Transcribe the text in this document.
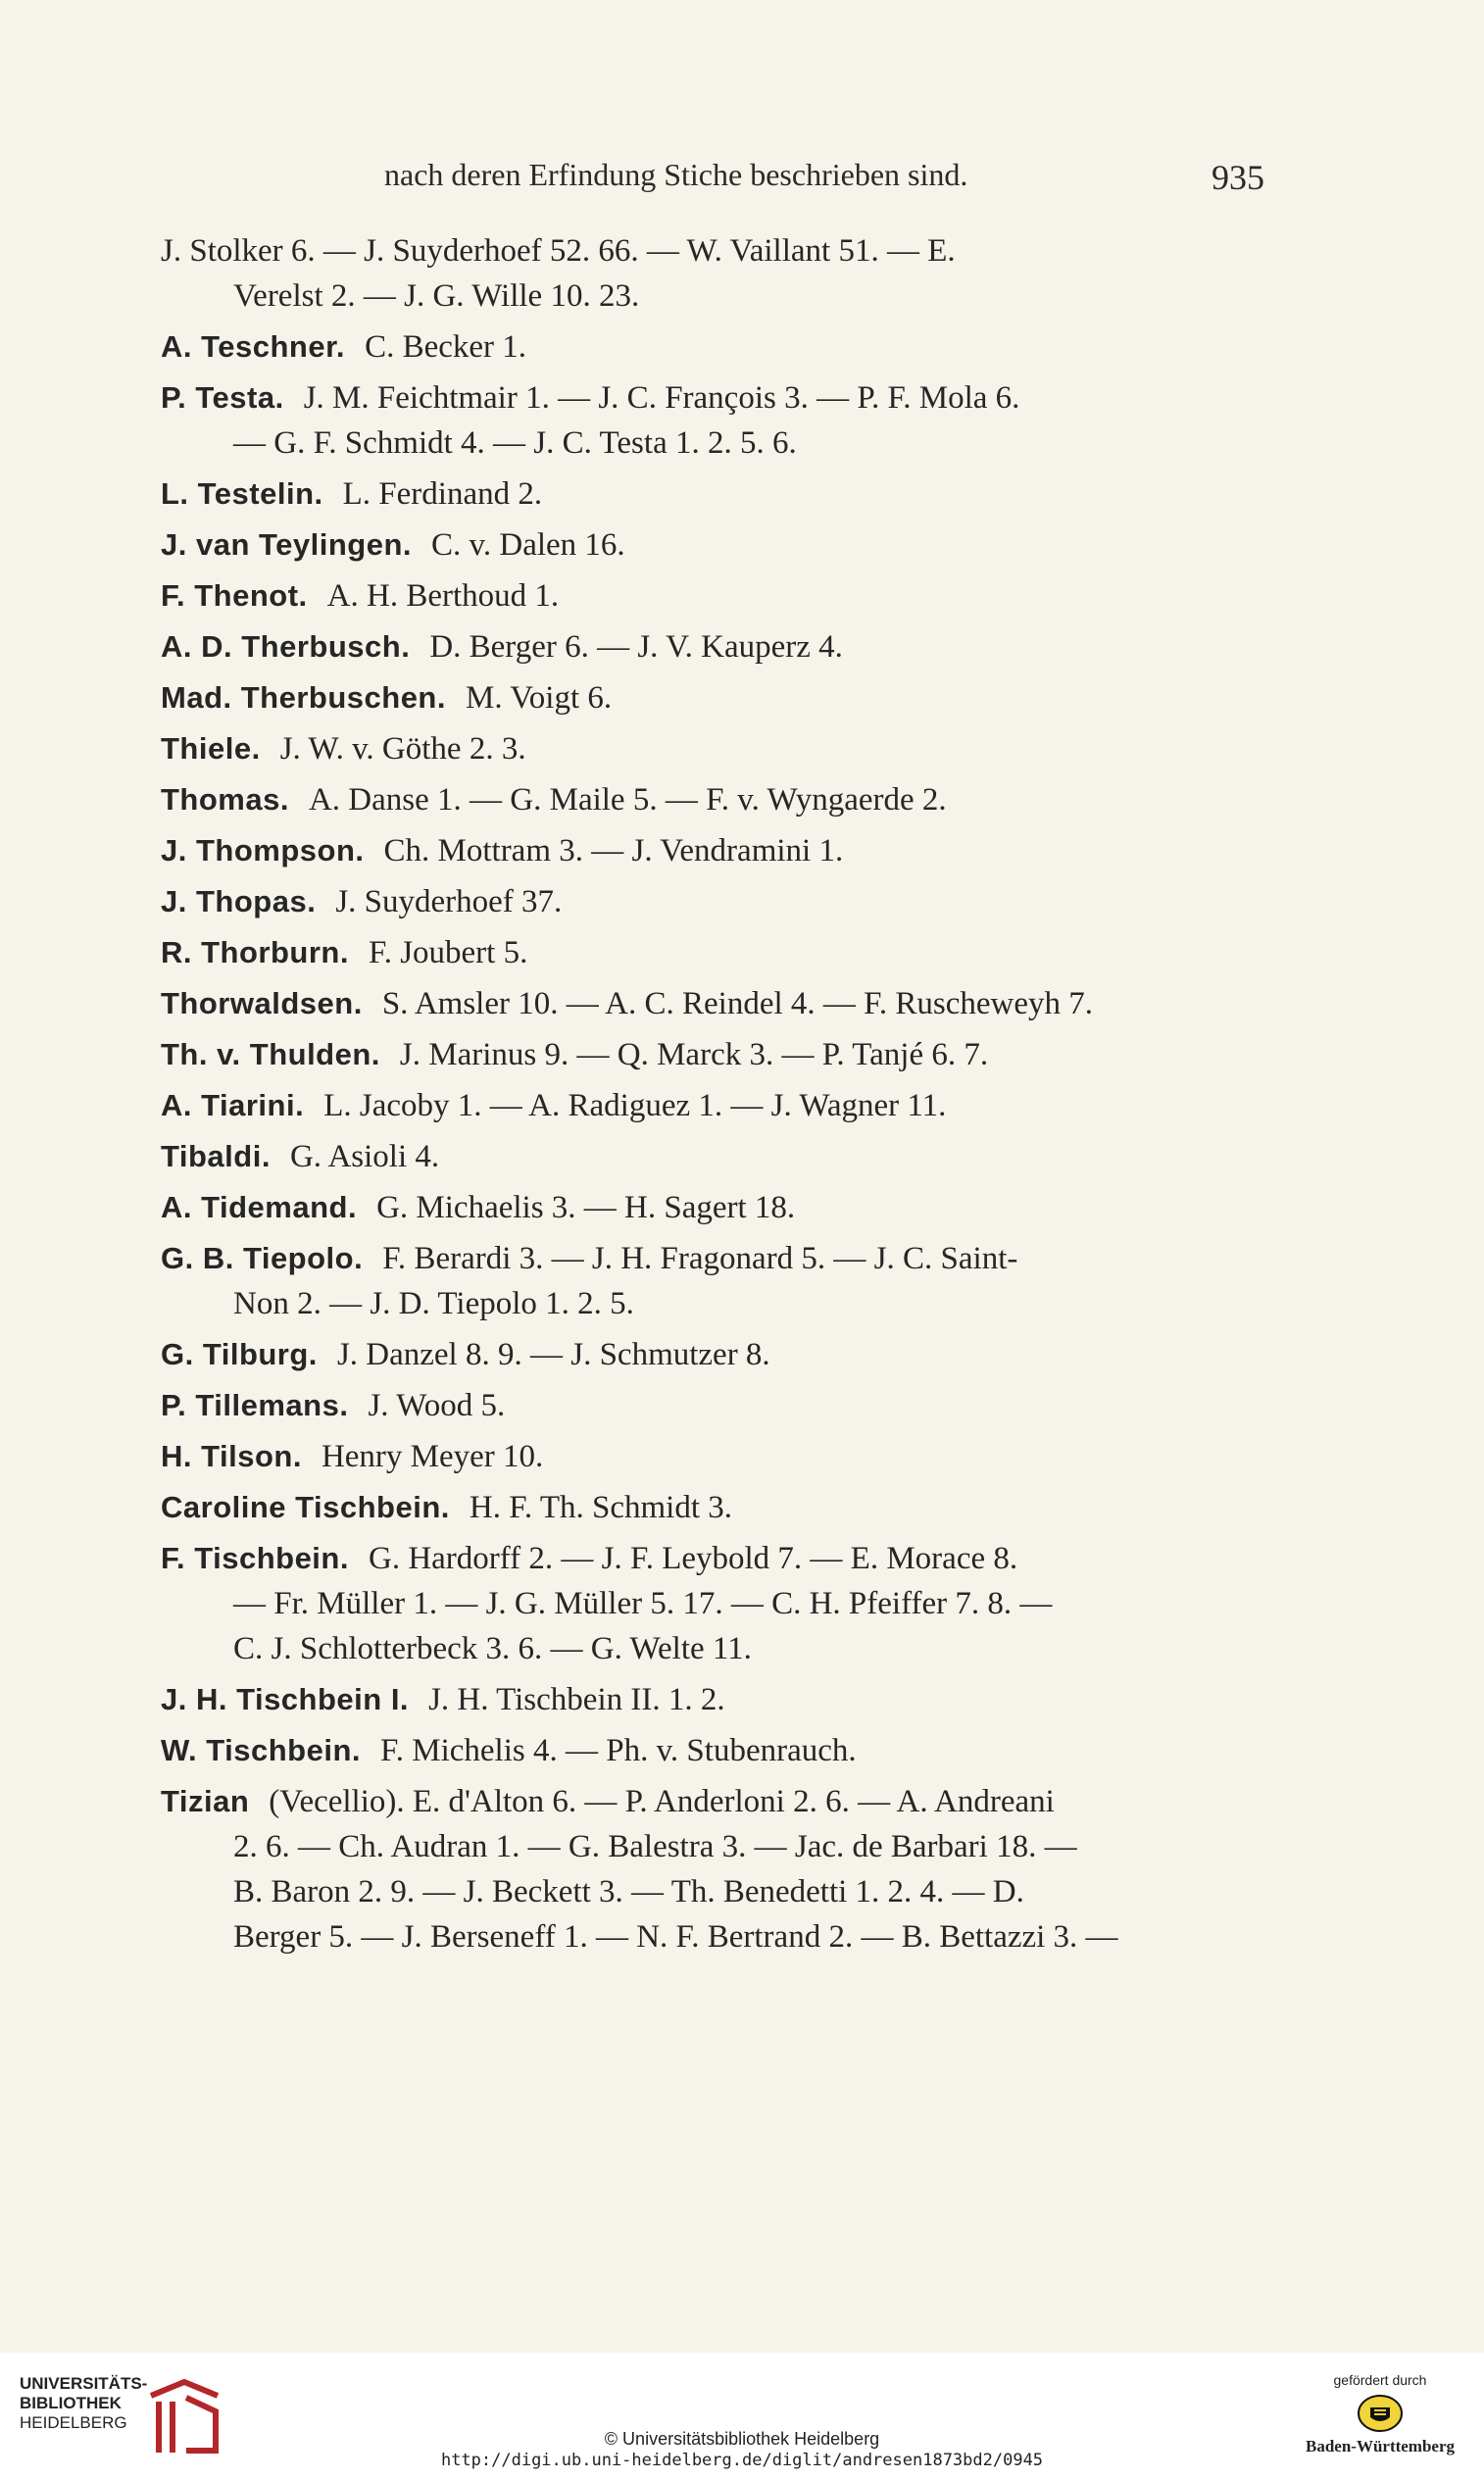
nach deren Erfindung Stiche beschrieben sind.	935
J. Stolker 6. — J. Suyderhoef 52. 66. — W. Vaillant 51. — E.
Verelst 2. — J. G. Wille 10. 23.
A. Teschner. C. Becker 1.
P. Testa. J. M. Feichtmair 1. — J. C. François 3. — P. F. Mola 6.
— G. F. Schmidt 4. — J. C. Testa 1. 2. 5. 6.
L. Testelin. L. Ferdinand 2.
J. van Teylingen. C. v. Dalen 16.
F. Thenot. A. H. Berthoud 1.
A. D. Therbusch. D. Berger 6. — J. V. Kauperz 4.
Mad. Therbuschen. M. Voigt 6.
Thiele. J. W. v. Göthe 2. 3.
Thomas. A. Danse 1. — G. Maile 5. — F. v. Wyngaerde 2.
J. Thompson. Ch. Mottram 3. — J. Vendramini 1.
J. Thopas. J. Suyderhoef 37.
R. Thorburn. F. Joubert 5.
Thorwaldsen. S. Amsler 10. — A. C. Reindel 4. — F. Ruscheweyh 7.
Th. v. Thulden. J. Marinus 9. — Q. Marck 3. — P. Tanjé 6. 7.
A. Tiarini. L. Jacoby 1. — A. Radiguez 1. — J. Wagner 11.
Tibaldi. G. Asioli 4.
A. Tidemand. G. Michaelis 3. — H. Sagert 18.
G. B. Tiepolo. F. Berardi 3. — J. H. Fragonard 5. — J. C. Saint-
Non 2. — J. D. Tiepolo 1. 2. 5.
G. Tilburg. J. Danzel 8. 9. — J. Schmutzer 8.
P. Tillemans. J. Wood 5.
H. Tilson. Henry Meyer 10.
Caroline Tischbein. H. F. Th. Schmidt 3.
F. Tischbein. G. Hardorff 2. — J. F. Leybold 7. — E. Morace 8.
— Fr. Müller 1. — J. G. Müller 5. 17. — C. H. Pfeiffer 7. 8. —
C. J. Schlotterbeck 3. 6. — G. Welte 11.
J. H. Tischbein I. J. H. Tischbein II. 1. 2.
W. Tischbein. F. Michelis 4. — Ph. v. Stubenrauch.
Tizian (Vecellio). E. d'Alton 6. — P. Anderloni 2. 6. — A. Andreani
2. 6. — Ch. Audran 1. — G. Balestra 3. — Jac. de Barbari 18. —
B. Baron 2. 9. — J. Beckett 3. — Th. Benedetti 1. 2. 4. — D.
Berger 5. — J. Berseneff 1. — N. F. Bertrand 2. — B. Bettazzi 3. —
UNIVERSITÄTS-
BIBLIOTHEK
HEIDELBERG
© Universitätsbibliothek Heidelberg
http://digi.ub.uni-heidelberg.de/diglit/andresen1873bd2/0945
gefördert durch
Baden-Württemberg
